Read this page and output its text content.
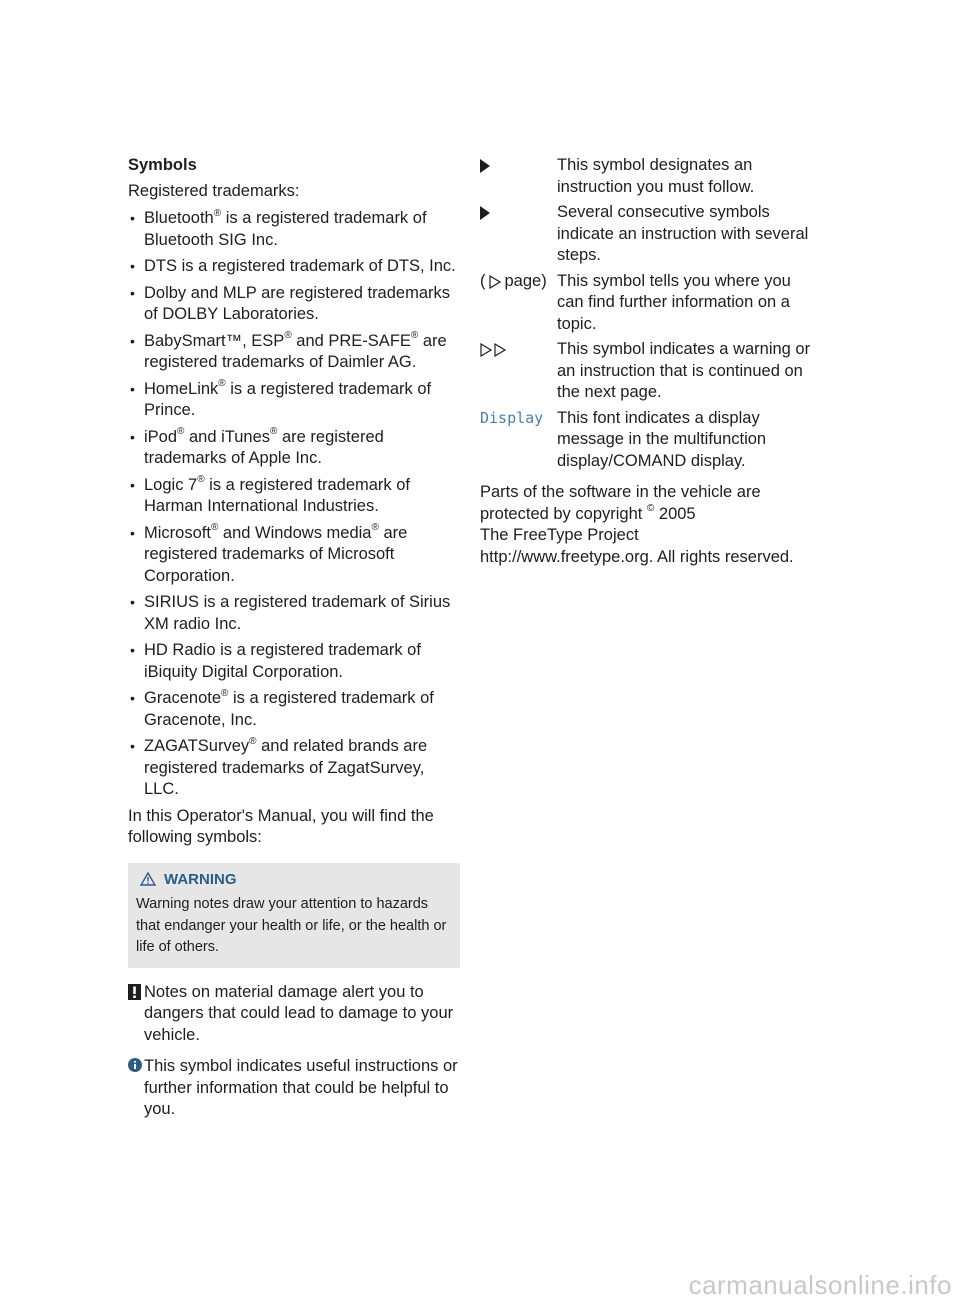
Symbols
Registered trademarks:
• Bluetooth® is a registered trademark of Bluetooth SIG Inc.
• DTS is a registered trademark of DTS, Inc.
• Dolby and MLP are registered trademarks of DOLBY Laboratories.
• BabySmart™, ESP® and PRE-SAFE® are registered trademarks of Daimler AG.
• HomeLink® is a registered trademark of Prince.
• iPod® and iTunes® are registered trademarks of Apple Inc.
• Logic 7® is a registered trademark of Harman International Industries.
• Microsoft® and Windows media® are registered trademarks of Microsoft Corporation.
• SIRIUS is a registered trademark of Sirius XM radio Inc.
• HD Radio is a registered trademark of iBiquity Digital Corporation.
• Gracenote® is a registered trademark of Gracenote, Inc.
• ZAGATSurvey® and related brands are registered trademarks of ZagatSurvey, LLC.
In this Operator's Manual, you will find the following symbols:
WARNING
Warning notes draw your attention to hazards that endanger your health or life, or the health or life of others.
Notes on material damage alert you to dangers that could lead to damage to your vehicle.
This symbol indicates useful instructions or further information that could be helpful to you.
This symbol designates an instruction you must follow.
Several consecutive symbols indicate an instruction with several steps.
( page) This symbol tells you where you can find further information on a topic.
This symbol indicates a warning or an instruction that is continued on the next page.
Display This font indicates a display message in the multifunction display/COMAND display.
Parts of the software in the vehicle are protected by copyright © 2005
The FreeType Project
http://www.freetype.org. All rights reserved.
carmanualsonline.info
